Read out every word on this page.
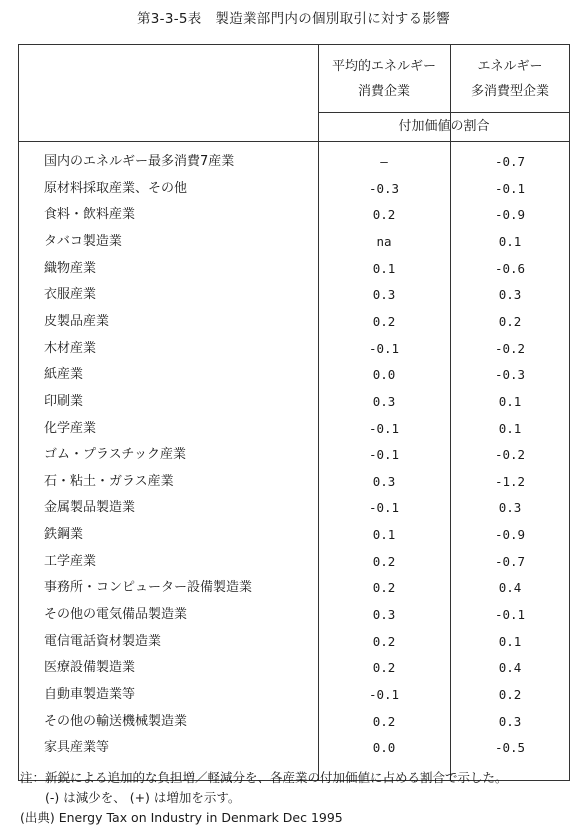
第3-3-5表　製造業部門内の個別取引に対する影響
平均的エネルギー
消費企業
エネルギー
多消費型企業
付加価値の割合
国内のエネルギー最多消費7産業	—	-0.7
原材料採取産業、その他	-0.3	-0.1
食料・飲料産業	0.2	-0.9
タバコ製造業	na	0.1
織物産業	0.1	-0.6
衣服産業	0.3	0.3
皮製品産業	0.2	0.2
木材産業	-0.1	-0.2
紙産業	0.0	-0.3
印刷業	0.3	0.1
化学産業	-0.1	0.1
ゴム・プラスチック産業	-0.1	-0.2
石・粘土・ガラス産業	0.3	-1.2
金属製品製造業	-0.1	0.3
鉄鋼業	0.1	-0.9
工学産業	0.2	-0.7
事務所・コンピューター設備製造業	0.2	0.4
その他の電気備品製造業	0.3	-0.1
電信電話資材製造業	0.2	0.1
医療設備製造業	0.2	0.4
自動車製造業等	-0.1	0.2
その他の輸送機械製造業	0.2	0.3
家具産業等	0.0	-0.5
注：新鋭による追加的な負担増／軽減分を、各産業の付加価値に占める割合で示した。
　　(-) は減少を、 (+) は増加を示す。
(出典) Energy Tax on Industry in Denmark Dec 1995
